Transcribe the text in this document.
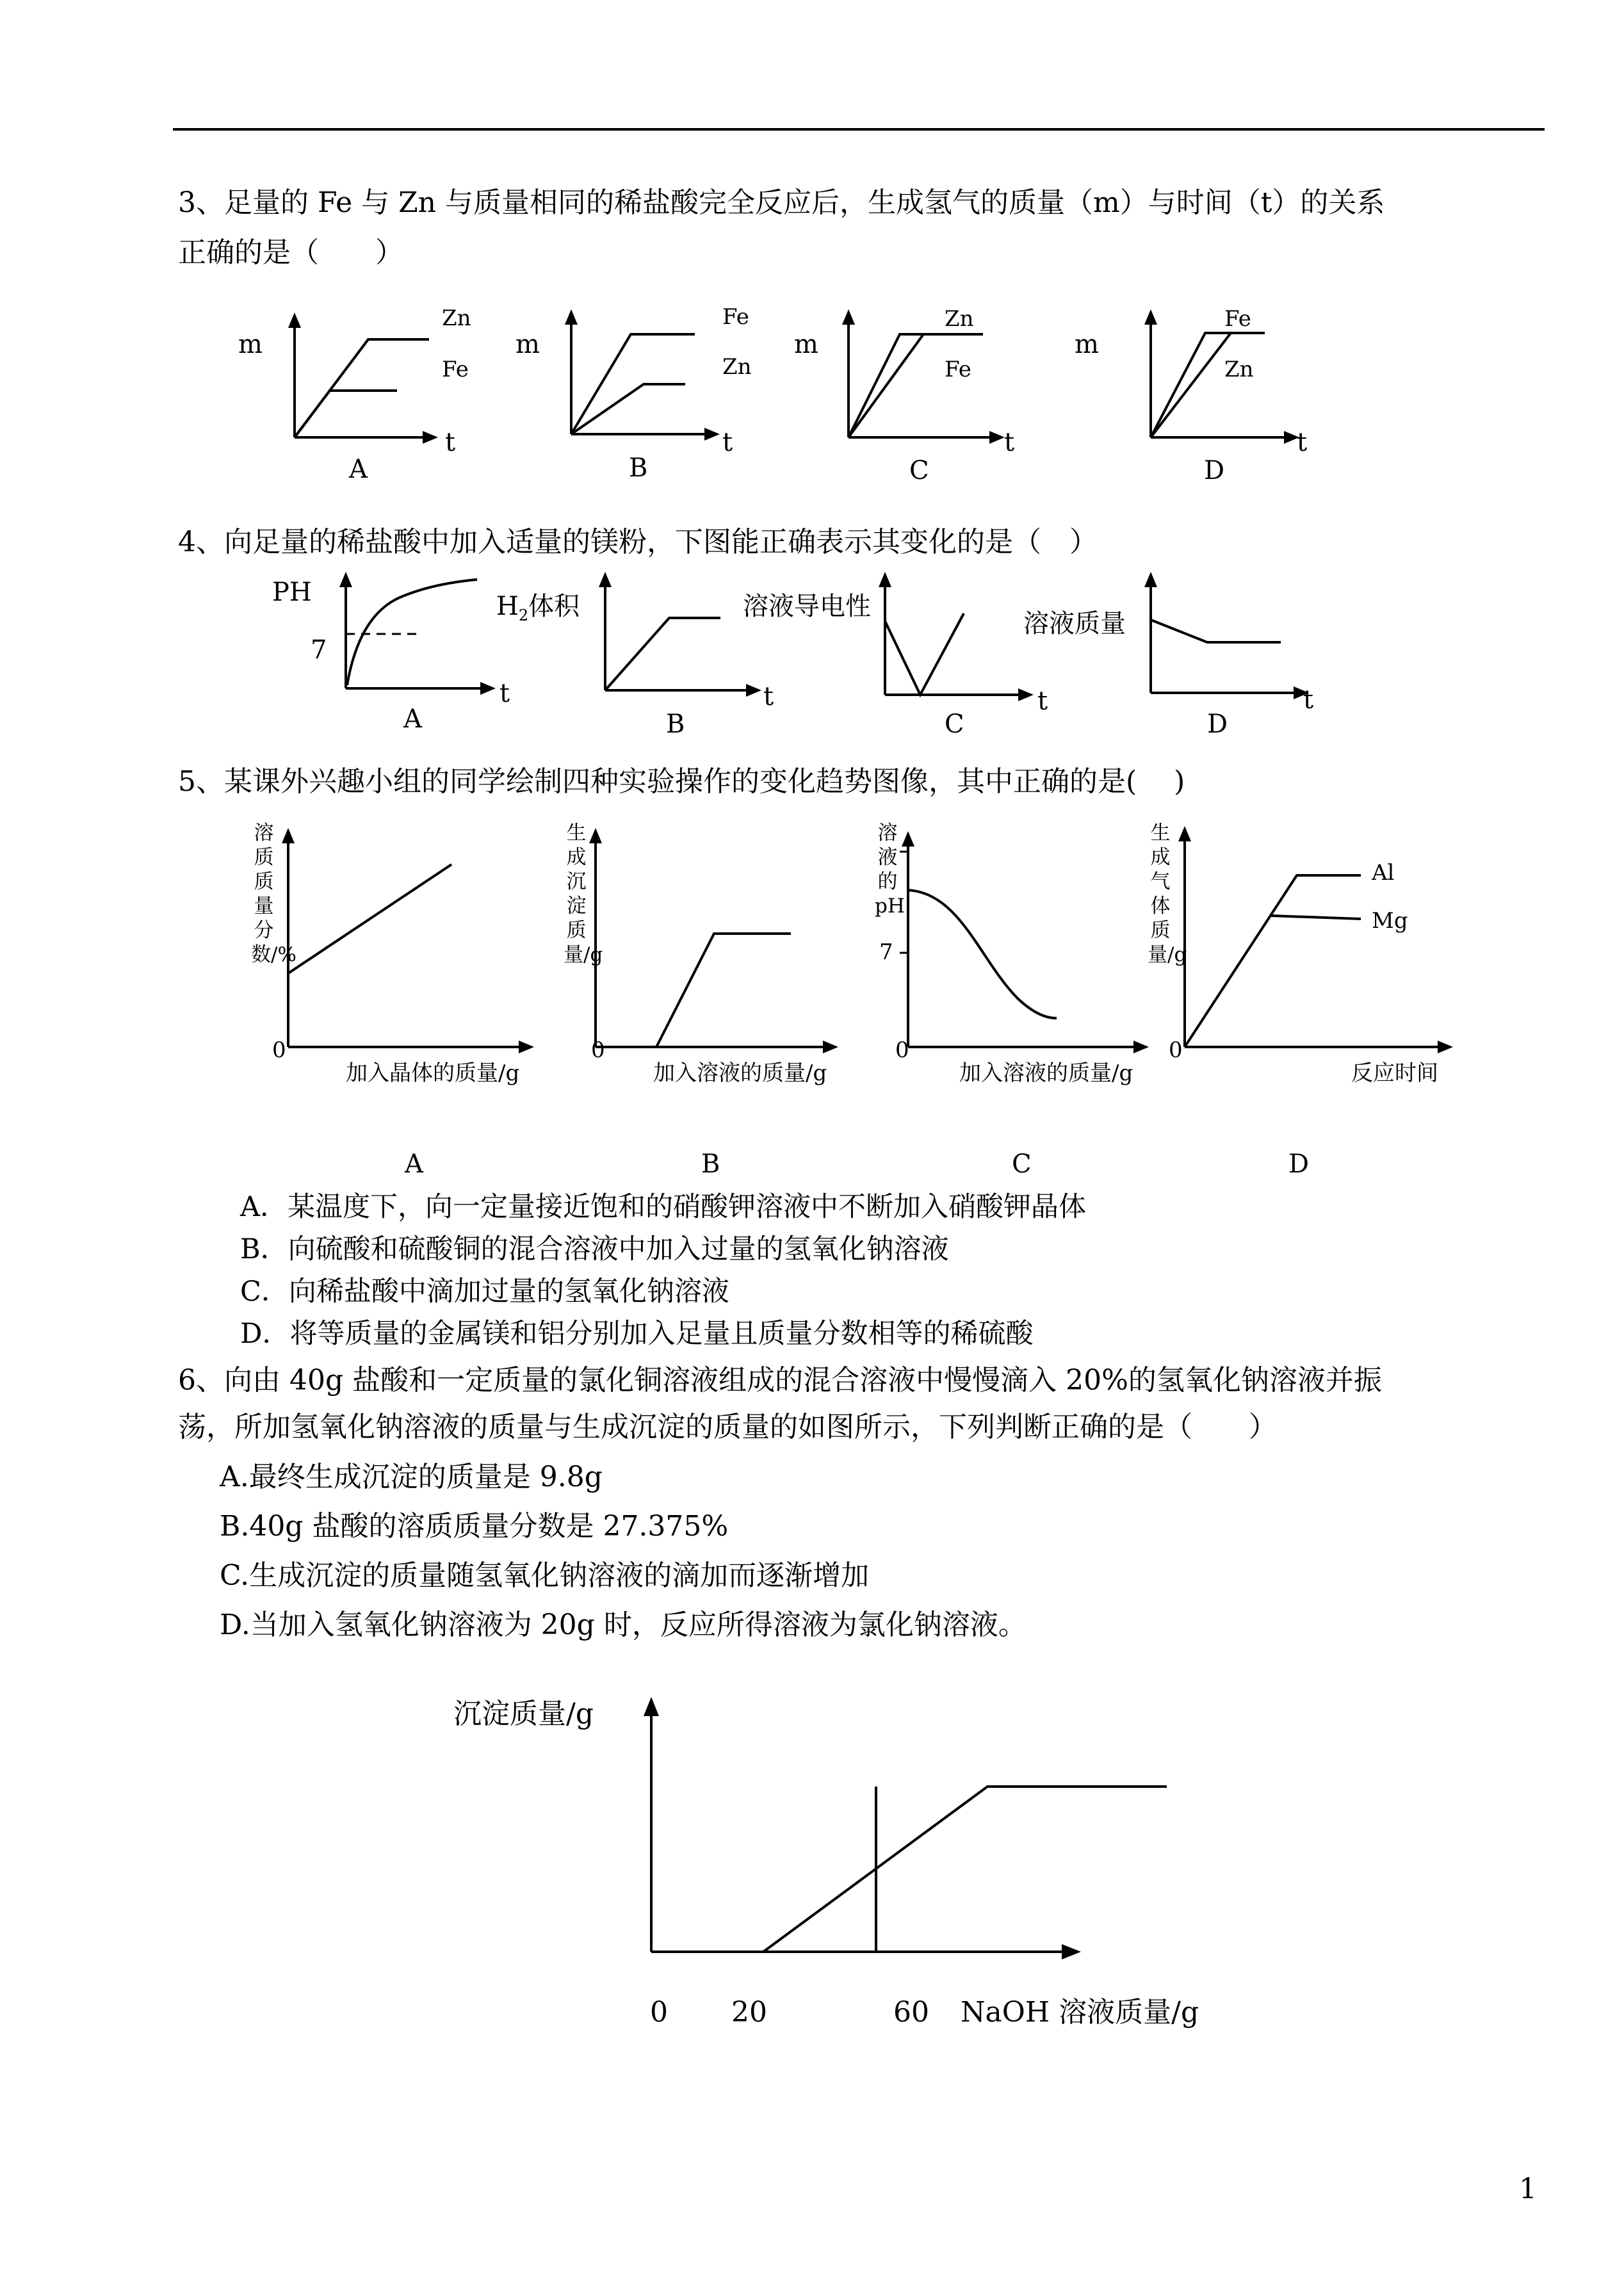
3、足量的 Fe 与 Zn 与质量相同的稀盐酸完全反应后，生成氢气的质量（m）与时间（t）的关系
正确的是（　　）
m
Zn
Fe
t
A
m
Fe
Zn
t
B
m
Zn
Fe
t
C
m
Fe
Zn
t
D
4、向足量的稀盐酸中加入适量的镁粉，下图能正确表示其变化的是（　）
PH
7
t
A
$H_2$体积
t
B
溶液导电性
t
C
溶液质量
t
D
5、某课外兴趣小组的同学绘制四种实验操作的变化趋势图像，其中正确的是(　 )
溶质质量分数/%
0
加入晶体的质量/g
生成沉淀质量/g
0
加入溶液的质量/g
溶液的pH
7
0
加入溶液的质量/g
生成气体质量/g
0
反应时间
Al
Mg
A	B	C	D
A．某温度下，向一定量接近饱和的硝酸钾溶液中不断加入硝酸钾晶体
B．向硫酸和硫酸铜的混合溶液中加入过量的氢氧化钠溶液
C．向稀盐酸中滴加过量的氢氧化钠溶液
D．将等质量的金属镁和铝分别加入足量且质量分数相等的稀硫酸
6、向由 40g 盐酸和一定质量的氯化铜溶液组成的混合溶液中慢慢滴入 20%的氢氧化钠溶液并振
荡，所加氢氧化钠溶液的质量与生成沉淀的质量的如图所示，下列判断正确的是（　　）
A.最终生成沉淀的质量是 9.8g
B.40g 盐酸的溶质质量分数是 27.375%
C.生成沉淀的质量随氢氧化钠溶液的滴加而逐渐增加
D.当加入氢氧化钠溶液为 20g 时，反应所得溶液为氯化钠溶液。
沉淀质量/g
0 20	60 NaOH 溶液质量/g
1
